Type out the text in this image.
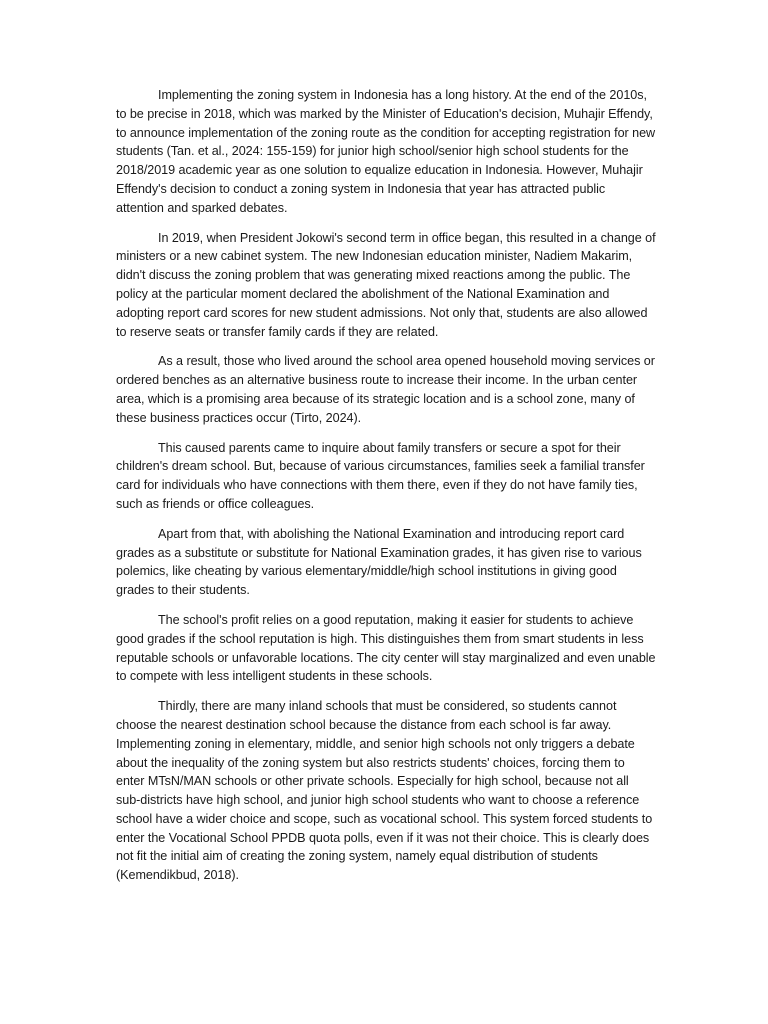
Implementing the zoning system in Indonesia has a long history. At the end of the 2010s, to be precise in 2018, which was marked by the Minister of Education's decision, Muhajir Effendy, to announce implementation of the zoning route as the condition for accepting registration for new students (Tan. et al., 2024: 155-159) for junior high school/senior high school students for the 2018/2019 academic year as one solution to equalize education in Indonesia. However, Muhajir Effendy's decision to conduct a zoning system in Indonesia that year has attracted public attention and sparked debates.

In 2019, when President Jokowi's second term in office began, this resulted in a change of ministers or a new cabinet system. The new Indonesian education minister, Nadiem Makarim, didn't discuss the zoning problem that was generating mixed reactions among the public. The policy at the particular moment declared the abolishment of the National Examination and adopting report card scores for new student admissions. Not only that, students are also allowed to reserve seats or transfer family cards if they are related.

As a result, those who lived around the school area opened household moving services or ordered benches as an alternative business route to increase their income. In the urban center area, which is a promising area because of its strategic location and is a school zone, many of these business practices occur (Tirto, 2024).

This caused parents came to inquire about family transfers or secure a spot for their children's dream school. But, because of various circumstances, families seek a familial transfer card for individuals who have connections with them there, even if they do not have family ties, such as friends or office colleagues.

Apart from that, with abolishing the National Examination and introducing report card grades as a substitute or substitute for National Examination grades, it has given rise to various polemics, like cheating by various elementary/middle/high school institutions in giving good grades to their students.

The school's profit relies on a good reputation, making it easier for students to achieve good grades if the school reputation is high. This distinguishes them from smart students in less reputable schools or unfavorable locations. The city center will stay marginalized and even unable to compete with less intelligent students in these schools.

Thirdly, there are many inland schools that must be considered, so students cannot choose the nearest destination school because the distance from each school is far away. Implementing zoning in elementary, middle, and senior high schools not only triggers a debate about the inequality of the zoning system but also restricts students' choices, forcing them to enter MTsN/MAN schools or other private schools. Especially for high school, because not all sub-districts have high school, and junior high school students who want to choose a reference school have a wider choice and scope, such as vocational school. This system forced students to enter the Vocational School PPDB quota polls, even if it was not their choice. This is clearly does not fit the initial aim of creating the zoning system, namely equal distribution of students (Kemendikbud, 2018).
